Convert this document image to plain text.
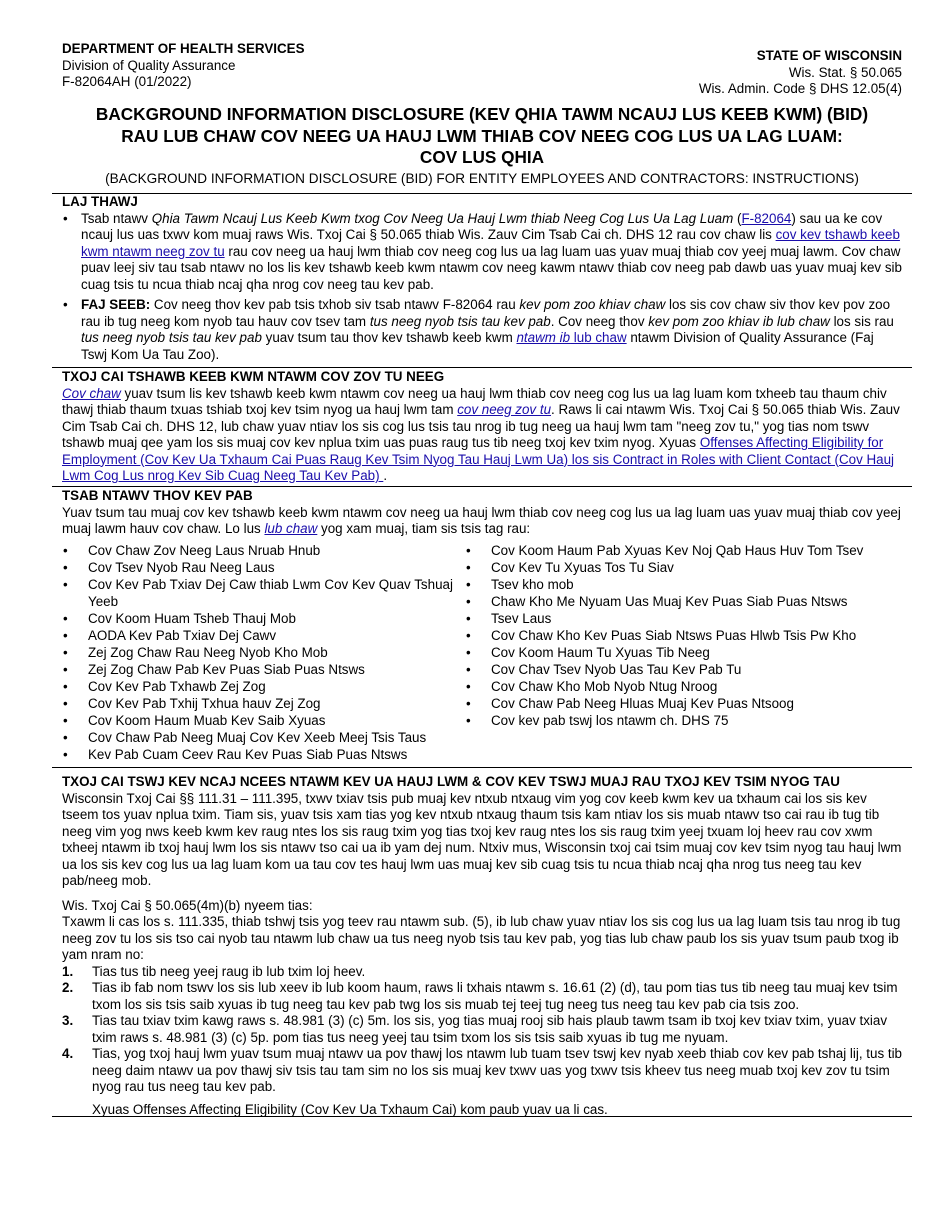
DEPARTMENT OF HEALTH SERVICES
Division of Quality Assurance
F-82064AH (01/2022)
STATE OF WISCONSIN
Wis. Stat. § 50.065
Wis. Admin. Code § DHS 12.05(4)
BACKGROUND INFORMATION DISCLOSURE (KEV QHIA TAWM NCAUJ LUS KEEB KWM) (BID)
RAU LUB CHAW COV NEEG UA HAUJ LWM THIAB COV NEEG COG LUS UA LAG LUAM:
COV LUS QHIA
(BACKGROUND INFORMATION DISCLOSURE (BID) FOR ENTITY EMPLOYEES AND CONTRACTORS: INSTRUCTIONS)
LAJ THAWJ
• Tsab ntawv Qhia Tawm Ncauj Lus Keeb Kwm txog Cov Neeg Ua Hauj Lwm thiab Neeg Cog Lus Ua Lag Luam (F-82064) sau ua ke cov ncauj lus uas txwv kom muaj raws Wis. Txoj Cai § 50.065 thiab Wis. Zauv Cim Tsab Cai ch. DHS 12 rau cov chaw lis cov kev tshawb keeb kwm ntawm neeg zov tu rau cov neeg ua hauj lwm thiab cov neeg cog lus ua lag luam uas yuav muaj thiab cov yeej muaj lawm. Cov chaw puav leej siv tau tsab ntawv no los lis kev tshawb keeb kwm ntawm cov neeg kawm ntawv thiab cov neeg pab dawb uas yuav muaj kev sib cuag tsis tu ncua thiab ncaj qha nrog cov neeg tau kev pab.
• FAJ SEEB: Cov neeg thov kev pab tsis txhob siv tsab ntawv F-82064 rau kev pom zoo khiav chaw los sis cov chaw siv thov kev pov zoo rau ib tug neeg kom nyob tau hauv cov tsev tam tus neeg nyob tsis tau kev pab. Cov neeg thov kev pom zoo khiav ib lub chaw los sis rau tus neeg nyob tsis tau kev pab yuav tsum tau thov kev tshawb keeb kwm ntawm ib lub chaw ntawm Division of Quality Assurance (Faj Tswj Kom Ua Tau Zoo).
TXOJ CAI TSHAWB KEEB KWM NTAWM COV ZOV TU NEEG

Cov chaw yuav tsum lis kev tshawb keeb kwm ntawm cov neeg ua hauj lwm thiab cov neeg cog lus ua lag luam kom txheeb tau thaum chiv thawj thiab thaum txuas tshiab txoj kev tsim nyog ua hauj lwm tam cov neeg zov tu. Raws li cai ntawm Wis. Txoj Cai § 50.065 thiab Wis. Zauv Cim Tsab Cai ch. DHS 12, lub chaw yuav ntiav los sis cog lus tsis tau nrog ib tug neeg ua hauj lwm tam "neeg zov tu," yog tias nom tswv tshawb muaj qee yam los sis muaj cov kev nplua txim uas puas raug tus tib neeg txoj kev txim nyog. Xyuas Offenses Affecting Eligibility for Employment (Cov Kev Ua Txhaum Cai Puas Raug Kev Tsim Nyog Tau Hauj Lwm Ua) los sis Contract in Roles with Client Contact (Cov Hauj Lwm Cog Lus nrog Kev Sib Cuag Neeg Tau Kev Pab) .

TSAB NTAWV THOV KEV PAB

Yuav tsum tau muaj cov kev tshawb keeb kwm ntawm cov neeg ua hauj lwm thiab cov neeg cog lus ua lag luam uas yuav muaj thiab cov yeej muaj lawm hauv cov chaw. Lo lus lub chaw yog xam muaj, tiam sis tsis tag rau:

• Cov Chaw Zov Neeg Laus Nruab Hnub
• Cov Tsev Nyob Rau Neeg Laus
• Cov Kev Pab Txiav Dej Caw thiab Lwm Cov Kev Quav Tshuaj Yeeb
• Cov Koom Huam Tsheb Thauj Mob
• AODA Kev Pab Txiav Dej Cawv
• Zej Zog Chaw Rau Neeg Nyob Kho Mob
• Zej Zog Chaw Pab Kev Puas Siab Puas Ntsws
• Cov Kev Pab Txhawb Zej Zog
• Cov Kev Pab Txhij Txhua hauv Zej Zog
• Cov Koom Haum Muab Kev Saib Xyuas
• Cov Chaw Pab Neeg Muaj Cov Kev Xeeb Meej Tsis Taus
• Kev Pab Cuam Ceev Rau Kev Puas Siab Puas Ntsws
• Cov Koom Haum Pab Xyuas Kev Noj Qab Haus Huv Tom Tsev
• Cov Kev Tu Xyuas Tos Tu Siav
• Tsev kho mob
• Chaw Kho Me Nyuam Uas Muaj Kev Puas Siab Puas Ntsws
• Tsev Laus
• Cov Chaw Kho Kev Puas Siab Ntsws Puas Hlwb Tsis Pw Kho
• Cov Koom Haum Tu Xyuas Tib Neeg
• Cov Chav Tsev Nyob Uas Tau Kev Pab Tu
• Cov Chaw Kho Mob Nyob Ntug Nroog
• Cov Chaw Pab Neeg Hluas Muaj Kev Puas Ntsoog
• Cov kev pab tswj los ntawm ch. DHS 75
TXOJ CAI TSWJ KEV NCAJ NCEES NTAWM KEV UA HAUJ LWM & COV KEV TSWJ MUAJ RAU TXOJ KEV TSIM NYOG TAU

Wisconsin Txoj Cai §§ 111.31 – 111.395, txwv txiav tsis pub muaj kev ntxub ntxaug vim yog cov keeb kwm kev ua txhaum cai los sis kev tseem tos yuav nplua txim. Tiam sis, yuav tsis xam tias yog kev ntxub ntxaug thaum tsis kam ntiav los sis muab ntawv tso cai rau ib tug tib neeg vim yog nws keeb kwm kev raug ntes los sis raug txim yog tias txoj kev raug ntes los sis raug txim yeej txuam loj heev rau cov xwm txheej ntawm ib txoj hauj lwm los sis ntawv tso cai ua ib yam dej num. Ntxiv mus, Wisconsin txoj cai tsim muaj cov kev tsim nyog tau hauj lwm ua los sis kev cog lus ua lag luam kom ua tau cov tes hauj lwm uas muaj kev sib cuag tsis tu ncua thiab ncaj qha nrog tus neeg tau kev pab/neeg mob.

Wis. Txoj Cai § 50.065(4m)(b) nyeem tias:

Txawm li cas los s. 111.335, thiab tshwj tsis yog teev rau ntawm sub. (5), ib lub chaw yuav ntiav los sis cog lus ua lag luam tsis tau nrog ib tug neeg zov tu los sis tso cai nyob tau ntawm lub chaw ua tus neeg nyob tsis tau kev pab, yog tias lub chaw paub los sis yuav tsum paub txog ib yam nram no:

1. Tias tus tib neeg yeej raug ib lub txim loj heev.
2. Tias ib fab nom tswv los sis lub xeev ib lub koom haum, raws li txhais ntawm s. 16.61 (2) (d), tau pom tias tus tib neeg tau muaj kev tsim txom los sis tsis saib xyuas ib tug neeg tau kev pab twg los sis muab tej teej tug neeg tus neeg tau kev pab cia tsis zoo.
3. Tias tau txiav txim kawg raws s. 48.981 (3) (c) 5m. los sis, yog tias muaj rooj sib hais plaub tawm tsam ib txoj kev txiav txim, yuav txiav txim raws s. 48.981 (3) (c) 5p. pom tias tus neeg yeej tau tsim txom los sis tsis saib xyuas ib tug me nyuam.
4. Tias, yog txoj hauj lwm yuav tsum muaj ntawv ua pov thawj los ntawm lub tuam tsev tswj kev nyab xeeb thiab cov kev pab tshaj lij, tus tib neeg daim ntawv ua pov thawj siv tsis tau tam sim no los sis muaj kev txwv uas yog txwv tsis kheev tus neeg muab txoj kev zov tu tsim nyog rau tus neeg tau kev pab.

Xyuas Offenses Affecting Eligibility (Cov Kev Ua Txhaum Cai) kom paub yuav ua li cas.
